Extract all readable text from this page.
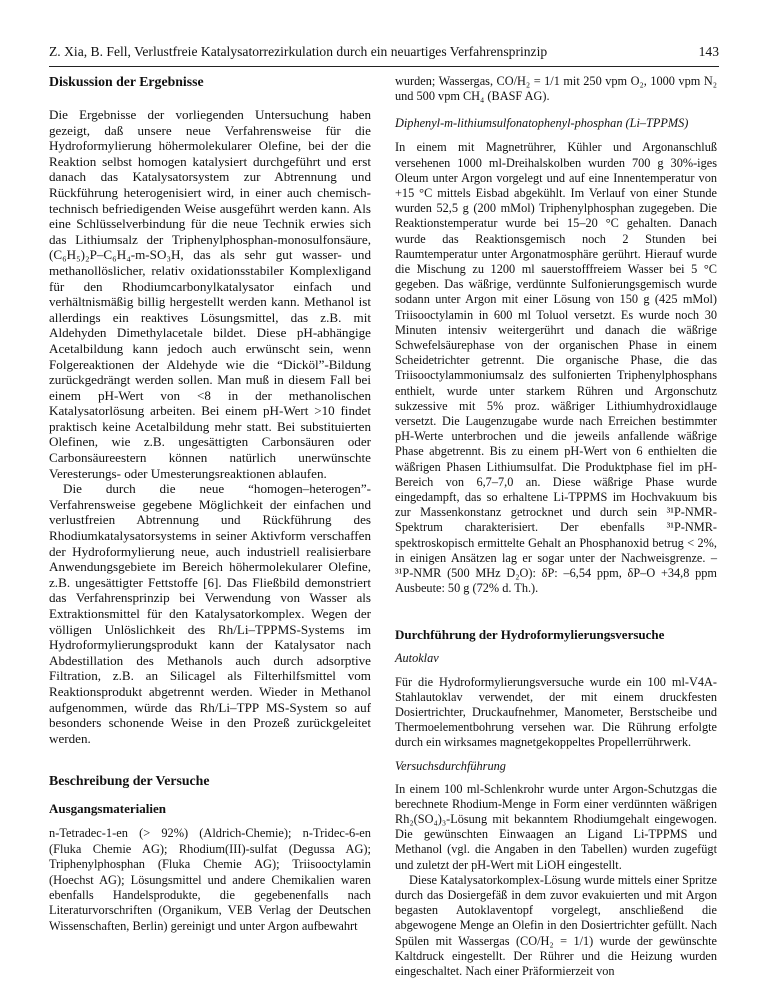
Z. Xia, B. Fell, Verlustfreie Katalysatorrezirkulation durch ein neuartiges Verfahrensprinzip	143
Diskussion der Ergebnisse

Die Ergebnisse der vorliegenden Untersuchung haben gezeigt, daß unsere neue Verfahrensweise für die Hydroformylierung höhermolekularer Olefine, bei der die Reaktion selbst homogen katalysiert durchgeführt und erst danach das Katalysatorsystem zur Abtrennung und Rückführung heterogenisiert wird, in einer auch chemisch-technisch befriedigenden Weise ausgeführt werden kann. Als eine Schlüsselverbindung für die neue Technik erwies sich das Lithiumsalz der Triphenylphosphan-monosulfonsäure, (C₆H₅)₂P–C₆H₄-m-SO₃H, das als sehr gut wasser- und methanollöslicher, relativ oxidationsstabiler Komplexligand für den Rhodiumcarbonylkatalysator einfach und verhältnismäßig billig hergestellt werden kann. Methanol ist allerdings ein reaktives Lösungsmittel, das z.B. mit Aldehyden Dimethylacetale bildet. Diese pH-abhängige Acetalbildung kann jedoch auch erwünscht sein, wenn Folgereaktionen der Aldehyde wie die “Dicköl”-Bildung zurückgedrängt werden sollen. Man muß in diesem Fall bei einem pH-Wert von <8 in der methanolischen Katalysatorlösung arbeiten. Bei einem pH-Wert >10 findet praktisch keine Acetalbildung mehr statt. Bei substituierten Olefinen, wie z.B. ungesättigten Carbonsäuren oder Carbonsäureestern können natürlich unerwünschte Veresterungs- oder Umesterungsreaktionen ablaufen.

Die durch die neue “homogen–heterogen”-Verfahrensweise gegebene Möglichkeit der einfachen und verlustfreien Abtrennung und Rückführung des Rhodiumkatalysatorsystems in seiner Aktivform verschaffen der Hydroformylierung neue, auch industriell realisierbare Anwendungsgebiete im Bereich höhermolekularer Olefine, z.B. ungesättigter Fettstoffe [6]. Das Fließbild demonstriert das Verfahrensprinzip bei Verwendung von Wasser als Extraktionsmittel für den Katalysatorkomplex. Wegen der völligen Unlöslichkeit des Rh/Li–TPPMS-Systems im Hydroformylierungsprodukt kann der Katalysator nach Abdestillation des Methanols auch durch adsorptive Filtration, z.B. an Silicagel als Filterhilfsmittel vom Reaktionsprodukt abgetrennt werden. Wieder in Methanol aufgenommen, würde das Rh/Li–TPP MS-System so auf besonders schonende Weise in den Prozeß zurückgeleitet werden.

Beschreibung der Versuche
Ausgangsmaterialien

n-Tetradec-1-en (> 92%) (Aldrich-Chemie); n-Tridec-6-en (Fluka Chemie AG); Rhodium(III)-sulfat (Degussa AG); Triphenylphosphan (Fluka Chemie AG); Triisooctylamin (Hoechst AG); Lösungsmittel und andere Chemikalien waren ebenfalls Handelsprodukte, die gegebenenfalls nach Literaturvorschriften (Organikum, VEB Verlag der Deutschen Wissenschaften, Berlin) gereinigt und unter Argon aufbewahrt

wurden; Wassergas, CO/H₂ = 1/1 mit 250 vpm O₂, 1000 vpm N₂ und 500 vpm CH₄ (BASF AG).

Diphenyl-m-lithiumsulfonatophenyl-phosphan (Li–TPPMS)

In einem mit Magnetrührer, Kühler und Argonanschluß versehenen 1000 ml-Dreihalskolben wurden 700 g 30%-iges Oleum unter Argon vorgelegt und auf eine Innentemperatur von +15 °C mittels Eisbad abgekühlt. Im Verlauf von einer Stunde wurden 52,5 g (200 mMol) Triphenylphosphan zugegeben. Die Reaktionstemperatur wurde bei 15–20 °C gehalten. Danach wurde das Reaktionsgemisch noch 2 Stunden bei Raumtemperatur unter Argonatmosphäre gerührt. Hierauf wurde die Mischung zu 1200 ml sauerstofffreiem Wasser bei 5 °C gegeben. Das wäßrige, verdünnte Sulfonierungsgemisch wurde sodann unter Argon mit einer Lösung von 150 g (425 mMol) Triisooctylamin in 600 ml Toluol versetzt. Es wurde noch 30 Minuten intensiv weitergerührt und danach die wäßrige Schwefelsäurephase von der organischen Phase in einem Scheidetrichter getrennt. Die organische Phase, die das Triisooctylammoniumsalz des sulfonierten Triphenylphosphans enthielt, wurde unter starkem Rühren und Argonschutz sukzessive mit 5% proz. wäßriger Lithiumhydroxidlauge versetzt. Die Laugenzugabe wurde nach Erreichen bestimmter pH-Werte unterbrochen und die jeweils anfallende wäßrige Phase abgetrennt. Bis zu einem pH-Wert von 6 enthielten die wäßrigen Phasen Lithiumsulfat. Die Produktphase fiel im pH-Bereich von 6,7–7,0 an. Diese wäßrige Phase wurde eingedampft, das so erhaltene Li-TPPMS im Hochvakuum bis zur Massenkonstanz getrocknet und durch sein ³¹P-NMR-Spektrum charakterisiert. Der ebenfalls ³¹P-NMR-spektroskopisch ermittelte Gehalt an Phosphanoxid betrug < 2%, in einigen Ansätzen lag er sogar unter der Nachweisgrenze. – ³¹P-NMR (500 MHz D₂O): δP: –6,54 ppm, δP–O +34,8 ppm Ausbeute: 50 g (72% d. Th.).

Durchführung der Hydroformylierungsversuche
Autoklav

Für die Hydroformylierungsversuche wurde ein 100 ml-V4A-Stahlautoklav verwendet, der mit einem druckfesten Dosiertrichter, Druckaufnehmer, Manometer, Berstscheibe und Thermoelementbohrung versehen war. Die Rührung erfolgte durch ein wirksames magnetgekoppeltes Propellerrührwerk.

Versuchsdurchführung

In einem 100 ml-Schlenkrohr wurde unter Argon-Schutzgas die berechnete Rhodium-Menge in Form einer verdünnten wäßrigen Rh₂(SO₄)₃-Lösung mit bekanntem Rhodiumgehalt eingewogen. Die gewünschten Einwaagen an Ligand Li-TPPMS und Methanol (vgl. die Angaben in den Tabellen) wurden zugefügt und zuletzt der pH-Wert mit LiOH eingestellt.

Diese Katalysatorkomplex-Lösung wurde mittels einer Spritze durch das Dosiergefäß in dem zuvor evakuierten und mit Argon begasten Autoklaventopf vorgelegt, anschließend die abgewogene Menge an Olefin in den Dosiertrichter gefüllt. Nach Spülen mit Wassergas (CO/H₂ = 1/1) wurde der gewünschte Kaltdruck eingestellt. Der Rührer und die Heizung wurden eingeschaltet. Nach einer Präformierzeit von
